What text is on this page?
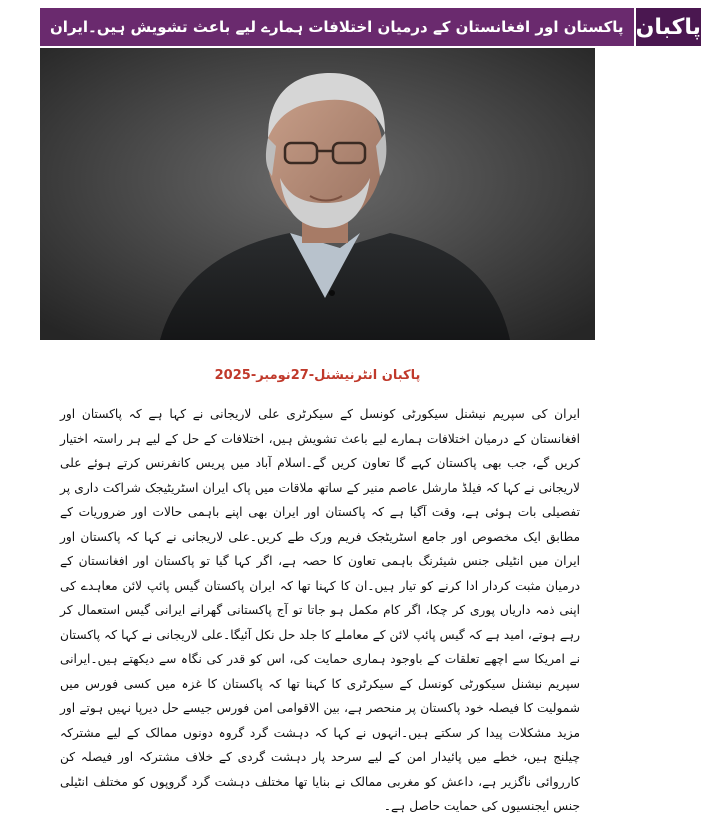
پاکستان اور افغانستان کے درمیان اختلافات ہمارے لیے باعث تشویش ہیں۔ایران پاکبان
پاکبان انٹرنیشنل-27نومبر-2025
ایران کی سپریم نیشنل سیکورٹی کونسل کے سیکرٹری علی لاریجانی نے کہا ہے کہ پاکستان اور افغانستان کے درمیان اختلافات ہمارے لیے باعث تشویش ہیں، اختلافات کے حل کے لیے ہر راستہ اختیار کریں گے، جب بھی پاکستان کہے گا تعاون کریں گے۔اسلام آباد میں پریس کانفرنس کرتے ہوئے علی لاریجانی نے کہا کہ فیلڈ مارشل عاصم منیر کے ساتھ ملاقات میں پاک ایران اسٹریٹیجک شراکت داری پر تفصیلی بات ہوئی ہے، وقت آگیا ہے کہ پاکستان اور ایران بھی اپنے باہمی حالات اور ضروریات کے مطابق ایک مخصوص اور جامع اسٹریٹجک فریم ورک طے کریں۔علی لاریجانی نے کہا کہ پاکستان اور ایران میں انٹیلی جنس شیئرنگ باہمی تعاون کا حصہ ہے، اگر کہا گیا تو پاکستان اور افغانستان کے درمیان مثبت کردار ادا کرنے کو تیار ہیں۔ان کا کہنا تھا کہ ایران پاکستان گیس پائپ لائن معاہدے کی اپنی ذمہ داریاں پوری کر چکا، اگر کام مکمل ہو جاتا تو آج پاکستانی گھرانے ایرانی گیس استعمال کر رہے ہوتے، امید ہے کہ گیس پائپ لائن کے معاملے کا جلد حل نکل آئیگا۔علی لاریجانی نے کہا کہ پاکستان نے امریکا سے اچھے تعلقات کے باوجود ہماری حمایت کی، اس کو قدر کی نگاہ سے دیکھتے ہیں۔ایرانی سپریم نیشنل سیکورٹی کونسل کے سیکرٹری کا کہنا تھا کہ پاکستان کا غزہ میں کسی فورس میں شمولیت کا فیصلہ خود پاکستان پر منحصر ہے، بین الاقوامی امن فورس جیسے حل دیرپا نہیں ہوتے اور مزید مشکلات پیدا کر سکتے ہیں۔انہوں نے کہا کہ دہشت گرد گروہ دونوں ممالک کے لیے مشترکہ چیلنج ہیں، خطے میں پائیدار امن کے لیے سرحد پار دہشت گردی کے خلاف مشترکہ اور فیصلہ کن کارروائی ناگزیر ہے، داعش کو مغربی ممالک نے بنایا تھا مختلف دہشت گرد گروپوں کو مختلف انٹیلی جنس ایجنسیوں کی حمایت حاصل ہے۔
